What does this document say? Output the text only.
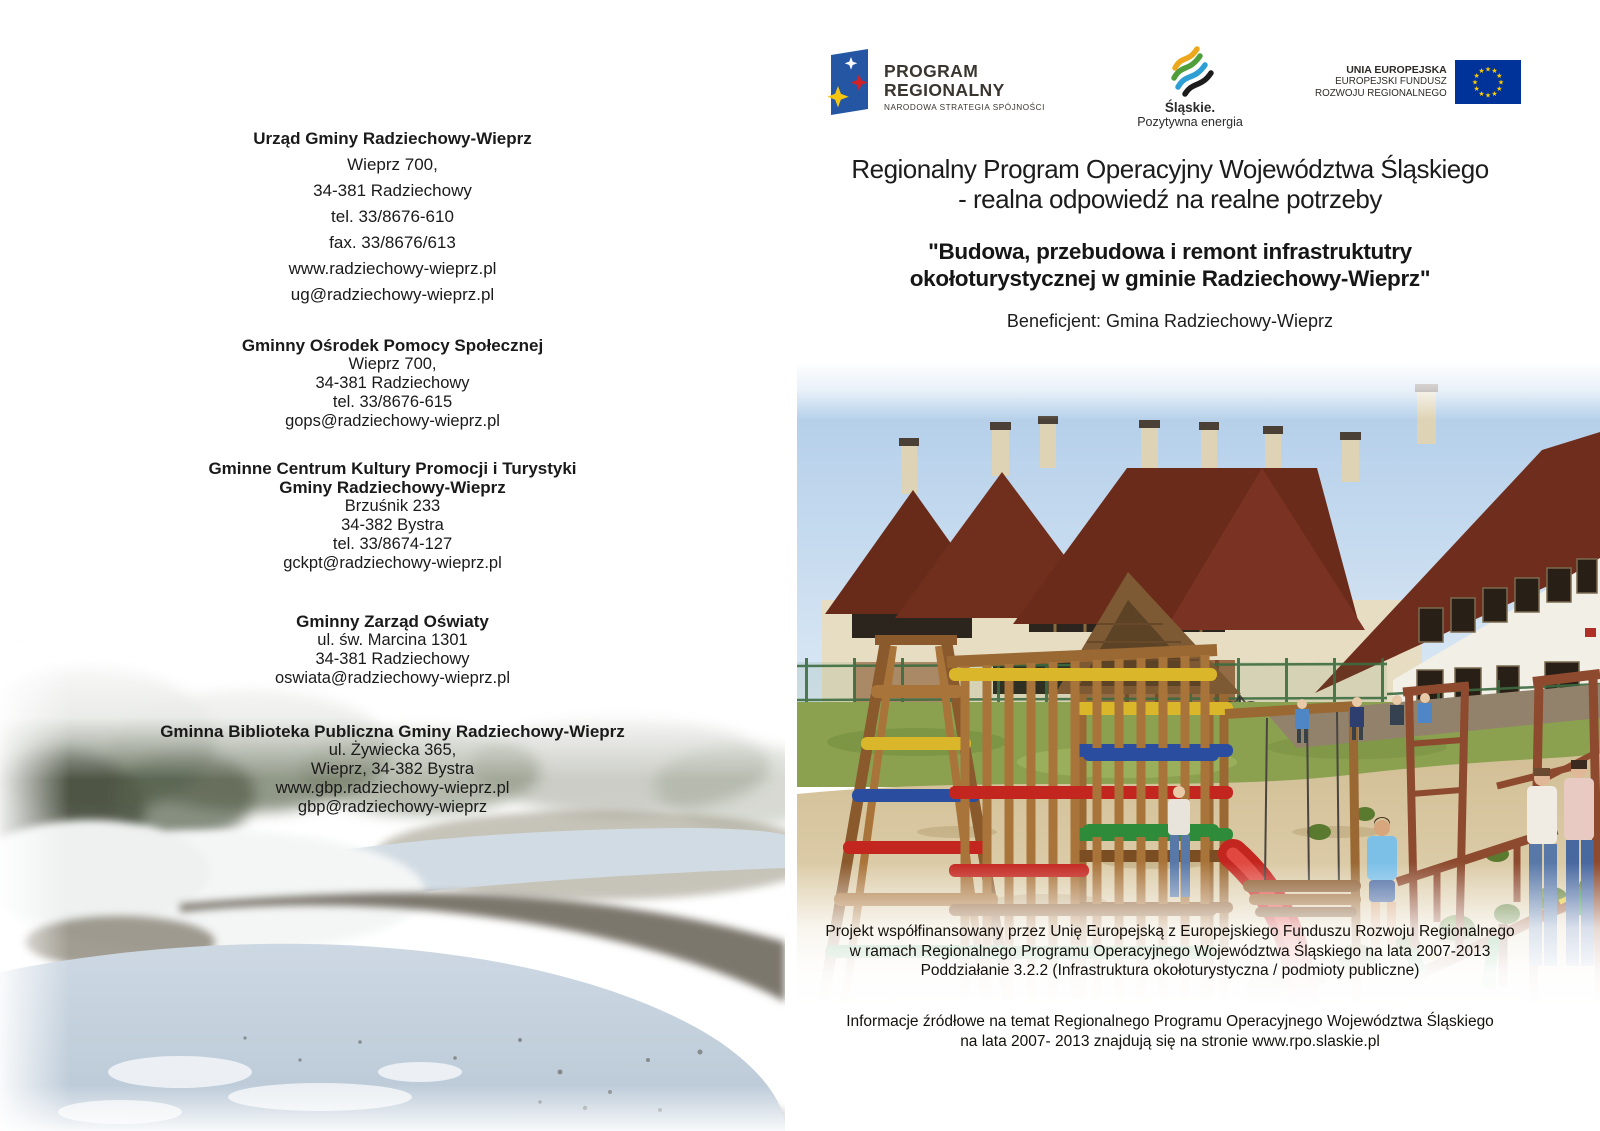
Urząd Gminy Radziechowy-Wieprz
Wieprz 700,
34-381 Radziechowy
tel. 33/8676-610
fax. 33/8676/613
www.radziechowy-wieprz.pl
ug@radziechowy-wieprz.pl
Gminny Ośrodek Pomocy Społecznej
Wieprz 700,
34-381 Radziechowy
tel. 33/8676-615
gops@radziechowy-wieprz.pl
Gminne Centrum Kultury Promocji i Turystyki
Gminy Radziechowy-Wieprz
Brzuśnik 233
34-382 Bystra
tel. 33/8674-127
gckpt@radziechowy-wieprz.pl
Gminny Zarząd Oświaty
ul. św. Marcina 1301
34-381 Radziechowy
oswiata@radziechowy-wieprz.pl
Gminna Biblioteka Publiczna Gminy Radziechowy-Wieprz
ul. Żywiecka 365,
Wieprz, 34-382 Bystra
www.gbp.radziechowy-wieprz.pl
gbp@radziechowy-wieprz
PROGRAM
REGIONALNY
NARODOWA STRATEGIA SPÓJNOŚCI	Śląskie.
Pozytywna energia
UNIA EUROPEJSKA
EUROPEJSKI FUNDUSZ
ROZWOJU REGIONALNEGO
★ ★
★
★
★
★
★
★
★
★
★
★
Regionalny Program Operacyjny Województwa Śląskiego
- realna odpowiedź na realne potrzeby
"Budowa, przebudowa i remont infrastruktutry
okołoturystycznej w gminie Radziechowy-Wieprz"
Beneficjent: Gmina Radziechowy-Wieprz
Projekt współfinansowany przez Unię Europejską z Europejskiego Funduszu Rozwoju Regionalnego
w ramach Regionalnego Programu Operacyjnego Województwa Śląskiego na lata 2007-2013
Poddziałanie 3.2.2 (Infrastruktura okołoturystyczna / podmioty publiczne)
Informacje źródłowe na temat Regionalnego Programu Operacyjnego Województwa Śląskiego
na lata 2007- 2013 znajdują się na stronie www.rpo.slaskie.pl
